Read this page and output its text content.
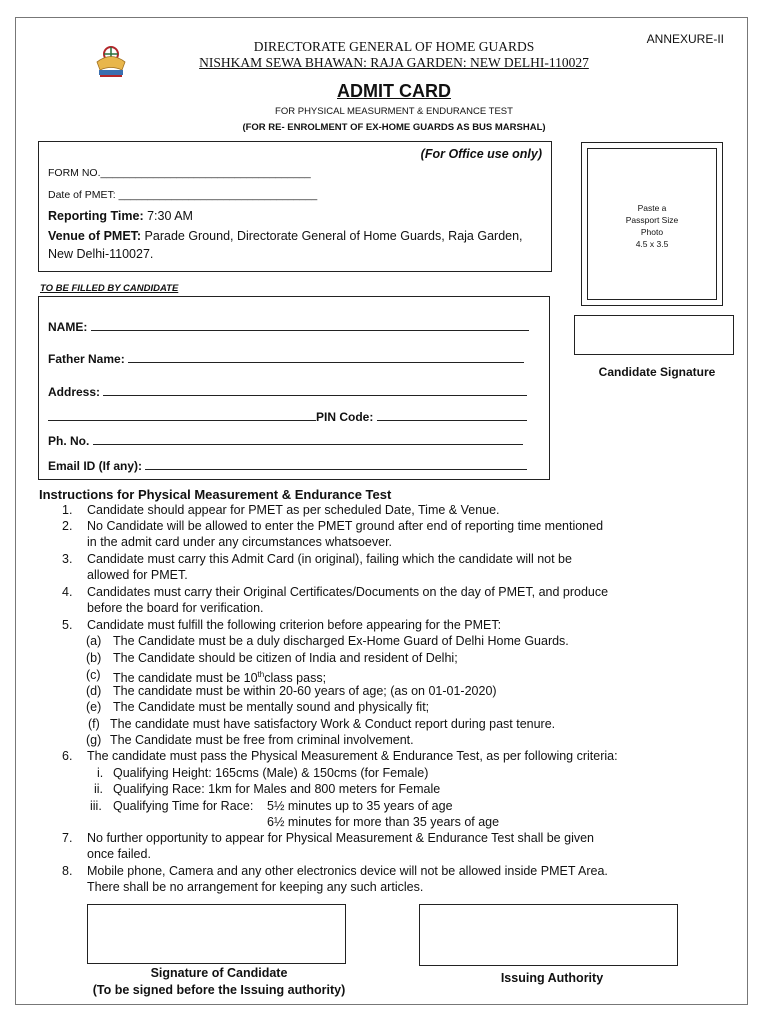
ANNEXURE-II
DIRECTORATE GENERAL OF HOME GUARDS
NISHKAM SEWA BHAWAN: RAJA GARDEN: NEW DELHI-110027
ADMIT CARD
FOR PHYSICAL MEASURMENT & ENDURANCE TEST
(FOR RE- ENROLMENT OF EX-HOME GUARDS AS BUS MARSHAL)
(For Office use only)
FORM NO.____________________________________
Date of PMET: __________________________________
Reporting Time: 7:30 AM
Venue of PMET: Parade Ground, Directorate General of Home Guards, Raja Garden,
New Delhi-110027.
Paste a
Passport Size
Photo
4.5 x 3.5
Candidate Signature
TO BE FILLED BY CANDIDATE
NAME:
Father Name:
Address:
PIN Code:
Ph. No.
Email ID (If any):
Instructions for Physical Measurement & Endurance Test
1. Candidate should appear for PMET as per scheduled Date, Time & Venue.
2. No Candidate will be allowed to enter the PMET ground after end of reporting time mentioned
in the admit card under any circumstances whatsoever.
3. Candidate must carry this Admit Card (in original), failing which the candidate will not be
allowed for PMET.
4. Candidates must carry their Original Certificates/Documents on the day of PMET, and produce
before the board for verification.
5. Candidate must fulfill the following criterion before appearing for the PMET:
(a) The Candidate must be a duly discharged Ex-Home Guard of Delhi Home Guards.
(b) The Candidate should be citizen of India and resident of Delhi;
(c) The candidate must be 10thclass pass;
(d) The candidate must be within 20-60 years of age; (as on 01-01-2020)
(e) The Candidate must be mentally sound and physically fit;
(f) The candidate must have satisfactory Work & Conduct report during past tenure.
(g) The Candidate must be free from criminal involvement.
6. The candidate must pass the Physical Measurement & Endurance Test, as per following criteria:
i. Qualifying Height: 165cms (Male) & 150cms (for Female)
ii. Qualifying Race: 1km for Males and 800 meters for Female
iii. Qualifying Time for Race: 5½ minutes up to 35 years of age
6½ minutes for more than 35 years of age
7. No further opportunity to appear for Physical Measurement & Endurance Test shall be given
once failed.
8. Mobile phone, Camera and any other electronics device will not be allowed inside PMET Area.
There shall be no arrangement for keeping any such articles.
Signature of Candidate
(To be signed before the Issuing authority)
Issuing Authority
